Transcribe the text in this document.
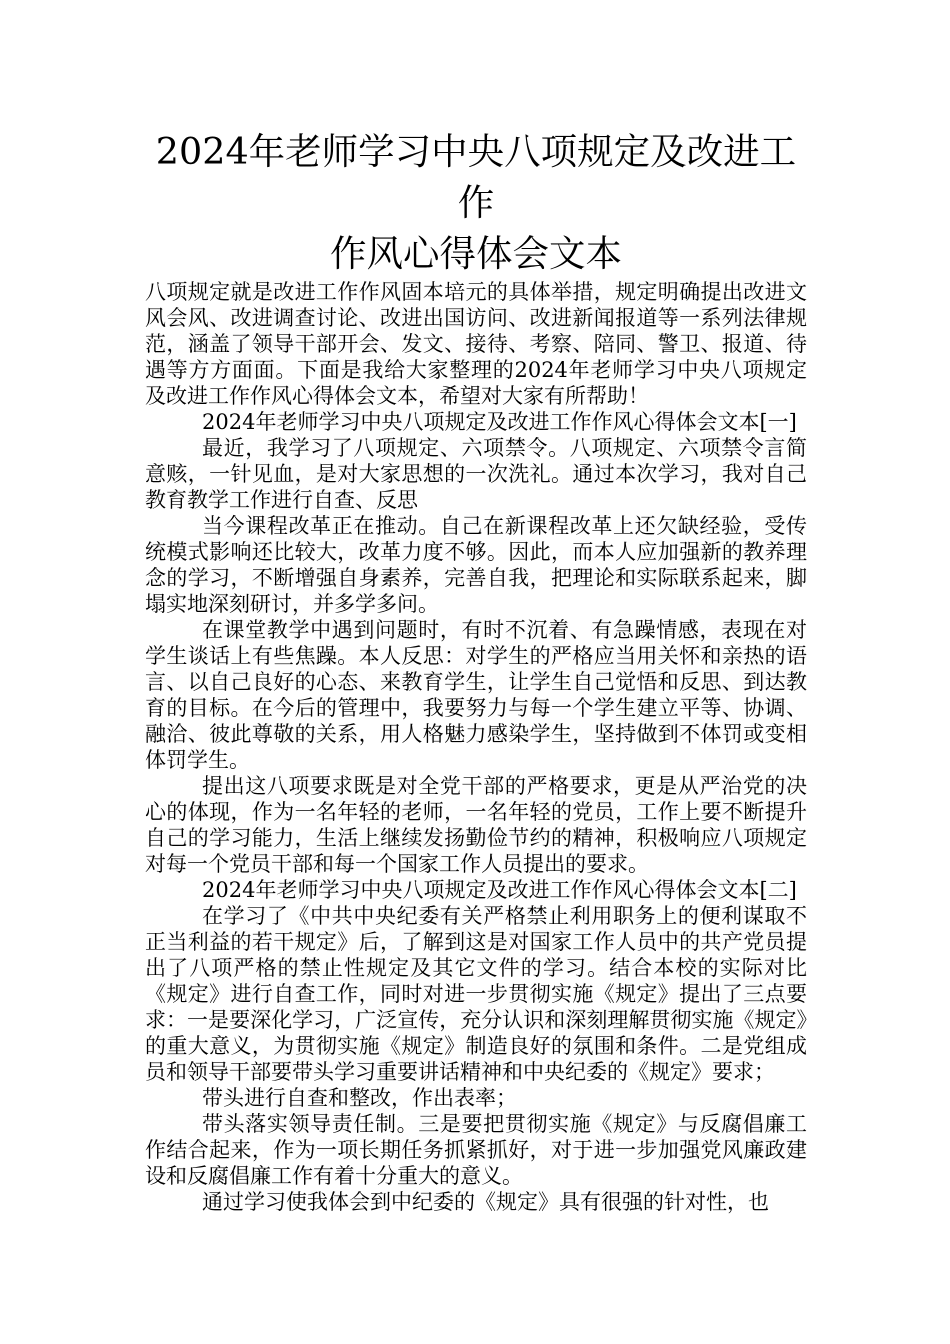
2024年老师学习中央八项规定及改进工作
作风心得体会文本

八项规定就是改进工作作风固本培元的具体举措，规定明确提出改进文风会风、改进调查讨论、改进出国访问、改进新闻报道等一系列法律规范，涵盖了领导干部开会、发文、接待、考察、陪同、警卫、报道、待遇等方方面面。下面是我给大家整理的2024年老师学习中央八项规定及改进工作作风心得体会文本，希望对大家有所帮助！

2024年老师学习中央八项规定及改进工作作风心得体会文本[一]

最近，我学习了八项规定、六项禁令。八项规定、六项禁令言简意赅，一针见血，是对大家思想的一次洗礼。通过本次学习，我对自己教育教学工作进行自查、反思

当今课程改革正在推动。自己在新课程改革上还欠缺经验，受传统模式影响还比较大，改革力度不够。因此，而本人应加强新的教养理念的学习，不断增强自身素养，完善自我，把理论和实际联系起来，脚塌实地深刻研讨，并多学多问。

在课堂教学中遇到问题时，有时不沉着、有急躁情感，表现在对学生谈话上有些焦躁。本人反思：对学生的严格应当用关怀和亲热的语言、以自己良好的心态、来教育学生，让学生自己觉悟和反思、到达教育的目标。在今后的管理中，我要努力与每一个学生建立平等、协调、融洽、彼此尊敬的关系，用人格魅力感染学生，坚持做到不体罚或变相体罚学生。

提出这八项要求既是对全党干部的严格要求，更是从严治党的决心的体现，作为一名年轻的老师，一名年轻的党员，工作上要不断提升自己的学习能力，生活上继续发扬勤俭节约的精神，积极响应八项规定对每一个党员干部和每一个国家工作人员提出的要求。

2024年老师学习中央八项规定及改进工作作风心得体会文本[二]

在学习了《中共中央纪委有关严格禁止利用职务上的便利谋取不正当利益的若干规定》后，了解到这是对国家工作人员中的共产党员提出了八项严格的禁止性规定及其它文件的学习。结合本校的实际对比《规定》进行自查工作，同时对进一步贯彻实施《规定》提出了三点要求：一是要深化学习，广泛宣传，充分认识和深刻理解贯彻实施《规定》的重大意义，为贯彻实施《规定》制造良好的氛围和条件。二是党组成员和领导干部要带头学习重要讲话精神和中央纪委的《规定》要求；

带头进行自查和整改，作出表率；

带头落实领导责任制。三是要把贯彻实施《规定》与反腐倡廉工作结合起来，作为一项长期任务抓紧抓好，对于进一步加强党风廉政建设和反腐倡廉工作有着十分重大的意义。

通过学习使我体会到中纪委的《规定》具有很强的针对性，也
